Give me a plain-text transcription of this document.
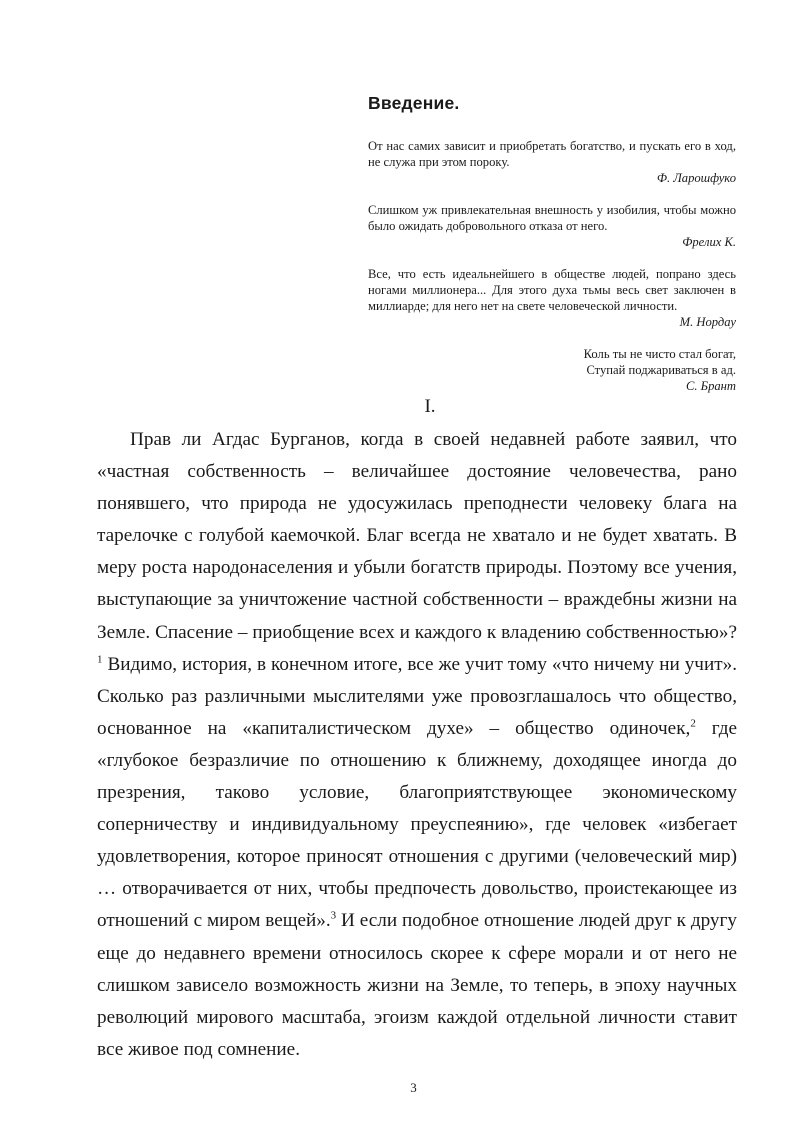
Введение.

От нас самих зависит и приобретать богатство, и пускать его в ход, не служа при этом пороку.

Ф. Ларошфуко

Слишком уж привлекательная внешность у изобилия, чтобы можно было ожидать добровольного отказа от него.

Фрелих К.

Все, что есть идеальнейшего в обществе людей, попрано здесь ногами миллионера... Для этого духа тьмы весь свет заключен в миллиарде; для него нет на свете человеческой личности.

М. Нордау

Коль ты не чисто стал богат,

Ступай поджариваться в ад.

С. Брант

I.

Прав ли Агдас Бурганов, когда в своей недавней работе заявил, что «частная собственность – величайшее достояние человечества, рано понявшего, что природа не удосужилась преподнести человеку блага на тарелочке с голубой каемочкой. Благ всегда не хватало и не будет хватать. В меру роста народонаселения и убыли богатств природы. Поэтому все учения, выступающие за уничтожение частной собственности – враждебны жизни на Земле. Спасение – приобщение всех и каждого к владению собственностью»?$^1$ Видимо, история, в конечном итоге, все же учит тому «что ничему ни учит». Сколько раз различными мыслителями уже провозглашалось что общество, основанное на «капиталистическом духе» – общество одиночек,$^2$ где «глубокое безразличие по отношению к ближнему, доходящее иногда до презрения, таково условие, благоприятствующее экономическому соперничеству и индивидуальному преуспеянию», где человек «избегает удовлетворения, которое приносят отношения с другими (человеческий мир) … отворачивается от них, чтобы предпочесть довольство, проистекающее из отношений с миром вещей».$^3$ И если подобное отношение людей друг к другу еще до недавнего времени относилось скорее к сфере морали и от него не слишком зависело возможность жизни на Земле, то теперь, в эпоху научных революций мирового масштаба, эгоизм каждой отдельной личности ставит все живое под сомнение.

3
